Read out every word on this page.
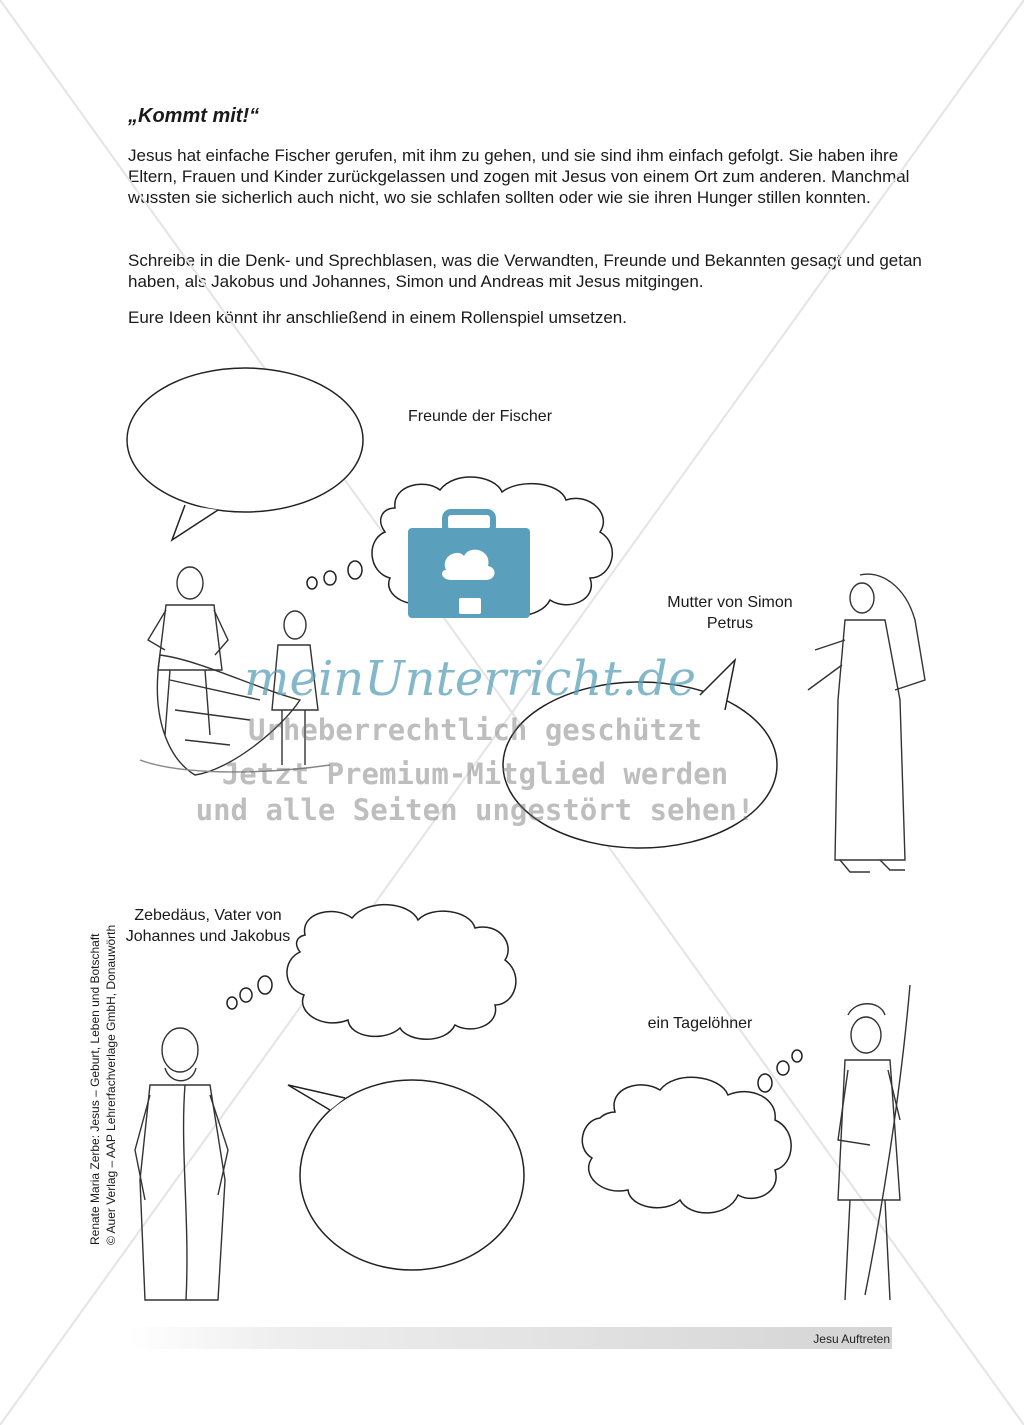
„Kommt mit!“
Jesus hat einfache Fischer gerufen, mit ihm zu gehen, und sie sind ihm einfach gefolgt. Sie haben ihre Eltern, Frauen und Kinder zurückgelassen und zogen mit Jesus von einem Ort zum anderen. Manchmal wussten sie sicherlich auch nicht, wo sie schlafen sollten oder wie sie ihren Hunger stillen konnten.
Schreibe in die Denk- und Sprechblasen, was die Verwandten, Freunde und Bekannten gesagt und getan haben, als Jakobus und Johannes, Simon und Andreas mit Jesus mitgingen.
Eure Ideen könnt ihr anschließend in einem Rollenspiel umsetzen.
meinUnterricht.de
Urheberrechtlich geschützt
Jetzt Premium-Mitglied werden
und alle Seiten ungestört sehen!
Freunde der Fischer
Mutter von Simon Petrus
Zebedäus, Vater von Johannes und Jakobus
ein Tagelöhner
Renate Maria Zerbe: Jesus – Geburt, Leben und Botschaft © Auer Verlag – AAP Lehrerfachverlage GmbH, Donauwörth
Jesu Auftreten
